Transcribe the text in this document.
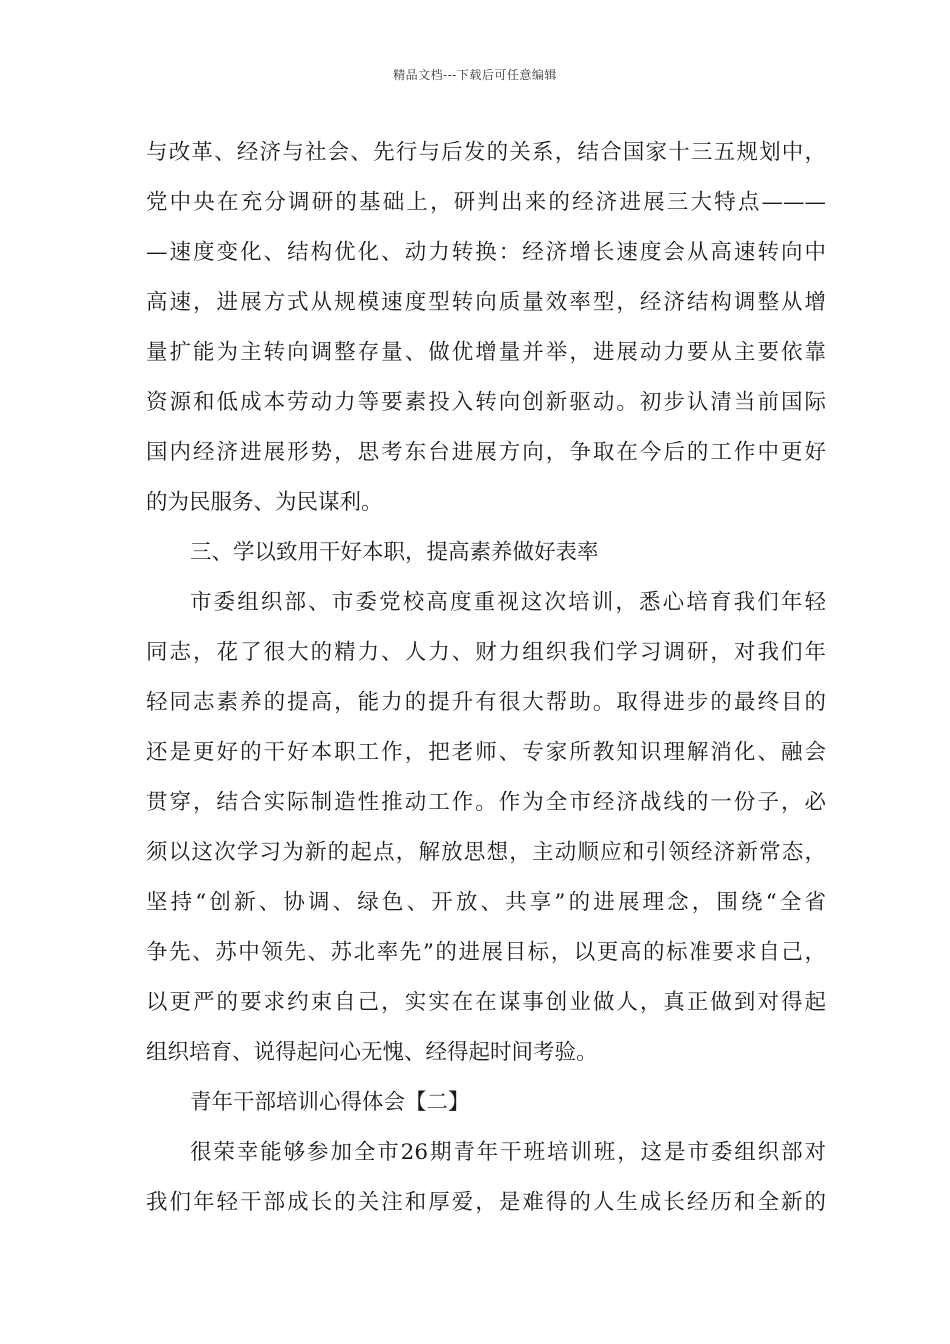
精品文档---下载后可任意编辑
与改革、经济与社会、先行与后发的关系，结合国家十三五规划中，
党中央在充分调研的基础上，研判出来的经济进展三大特点———
—速度变化、结构优化、动力转换：经济增长速度会从高速转向中
高速，进展方式从规模速度型转向质量效率型，经济结构调整从增
量扩能为主转向调整存量、做优增量并举，进展动力要从主要依靠
资源和低成本劳动力等要素投入转向创新驱动。初步认清当前国际
国内经济进展形势，思考东台进展方向，争取在今后的工作中更好
的为民服务、为民谋利。
三、学以致用干好本职，提高素养做好表率
市委组织部、市委党校高度重视这次培训，悉心培育我们年轻
同志，花了很大的精力、人力、财力组织我们学习调研，对我们年
轻同志素养的提高，能力的提升有很大帮助。取得进步的最终目的
还是更好的干好本职工作，把老师、专家所教知识理解消化、融会
贯穿，结合实际制造性推动工作。作为全市经济战线的一份子，必
须以这次学习为新的起点，解放思想，主动顺应和引领经济新常态，
坚持“创新、协调、绿色、开放、共享”的进展理念，围绕“全省
争先、苏中领先、苏北率先”的进展目标，以更高的标准要求自己，
以更严的要求约束自己，实实在在谋事创业做人，真正做到对得起
组织培育、说得起问心无愧、经得起时间考验。
青年干部培训心得体会【二】
很荣幸能够参加全市26期青年干班培训班，这是市委组织部对
我们年轻干部成长的关注和厚爱，是难得的人生成长经历和全新的
